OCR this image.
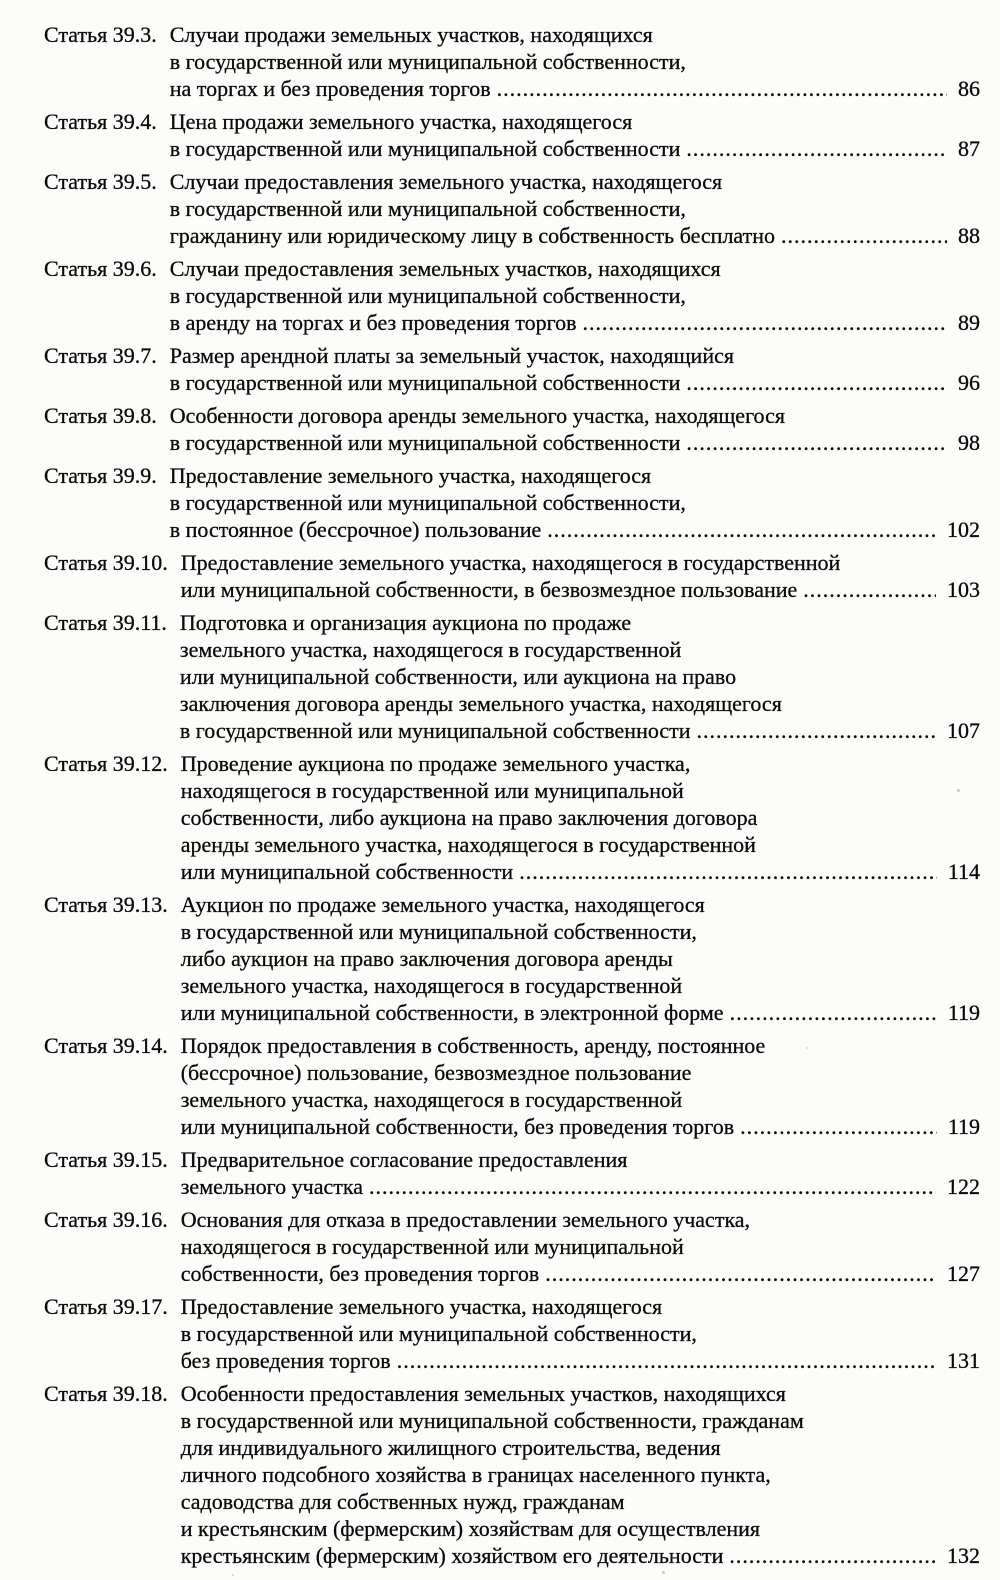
Статья 39.3. Случаи продажи земельных участков, находящихся
в государственной или муниципальной собственности,
на торгах и без проведения торгов .....	86
Статья 39.4. Цена продажи земельного участка, находящегося
в государственной или муниципальной собственности .....	87
Статья 39.5. Случаи предоставления земельного участка, находящегося
в государственной или муниципальной собственности,
гражданину или юридическому лицу в собственность бесплатно .....	88
Статья 39.6. Случаи предоставления земельных участков, находящихся
в государственной или муниципальной собственности,
в аренду на торгах и без проведения торгов .....	89
Статья 39.7. Размер арендной платы за земельный участок, находящийся
в государственной или муниципальной собственности .....	96
Статья 39.8. Особенности договора аренды земельного участка, находящегося
в государственной или муниципальной собственности .....	98
Статья 39.9. Предоставление земельного участка, находящегося
в государственной или муниципальной собственности,
в постоянное (бессрочное) пользование .....	102
Статья 39.10. Предоставление земельного участка, находящегося в государственной
или муниципальной собственности, в безвозмездное пользование .....	103
Статья 39.11. Подготовка и организация аукциона по продаже
земельного участка, находящегося в государственной
или муниципальной собственности, или аукциона на право
заключения договора аренды земельного участка, находящегося
в государственной или муниципальной собственности .....	107
Статья 39.12. Проведение аукциона по продаже земельного участка,
находящегося в государственной или муниципальной
собственности, либо аукциона на право заключения договора
аренды земельного участка, находящегося в государственной
или муниципальной собственности .....	114
Статья 39.13. Аукцион по продаже земельного участка, находящегося
в государственной или муниципальной собственности,
либо аукцион на право заключения договора аренды
земельного участка, находящегося в государственной
или муниципальной собственности, в электронной форме .....	119
Статья 39.14. Порядок предоставления в собственность, аренду, постоянное
(бессрочное) пользование, безвозмездное пользование
земельного участка, находящегося в государственной
или муниципальной собственности, без проведения торгов .....	119
Статья 39.15. Предварительное согласование предоставления
земельного участка .....	122
Статья 39.16. Основания для отказа в предоставлении земельного участка,
находящегося в государственной или муниципальной
собственности, без проведения торгов .....	127
Статья 39.17. Предоставление земельного участка, находящегося
в государственной или муниципальной собственности,
без проведения торгов .....	131
Статья 39.18. Особенности предоставления земельных участков, находящихся
в государственной или муниципальной собственности, гражданам
для индивидуального жилищного строительства, ведения
личного подсобного хозяйства в границах населенного пункта,
садоводства для собственных нужд, гражданам
и крестьянским (фермерским) хозяйствам для осуществления
крестьянским (фермерским) хозяйством его деятельности .....	132
